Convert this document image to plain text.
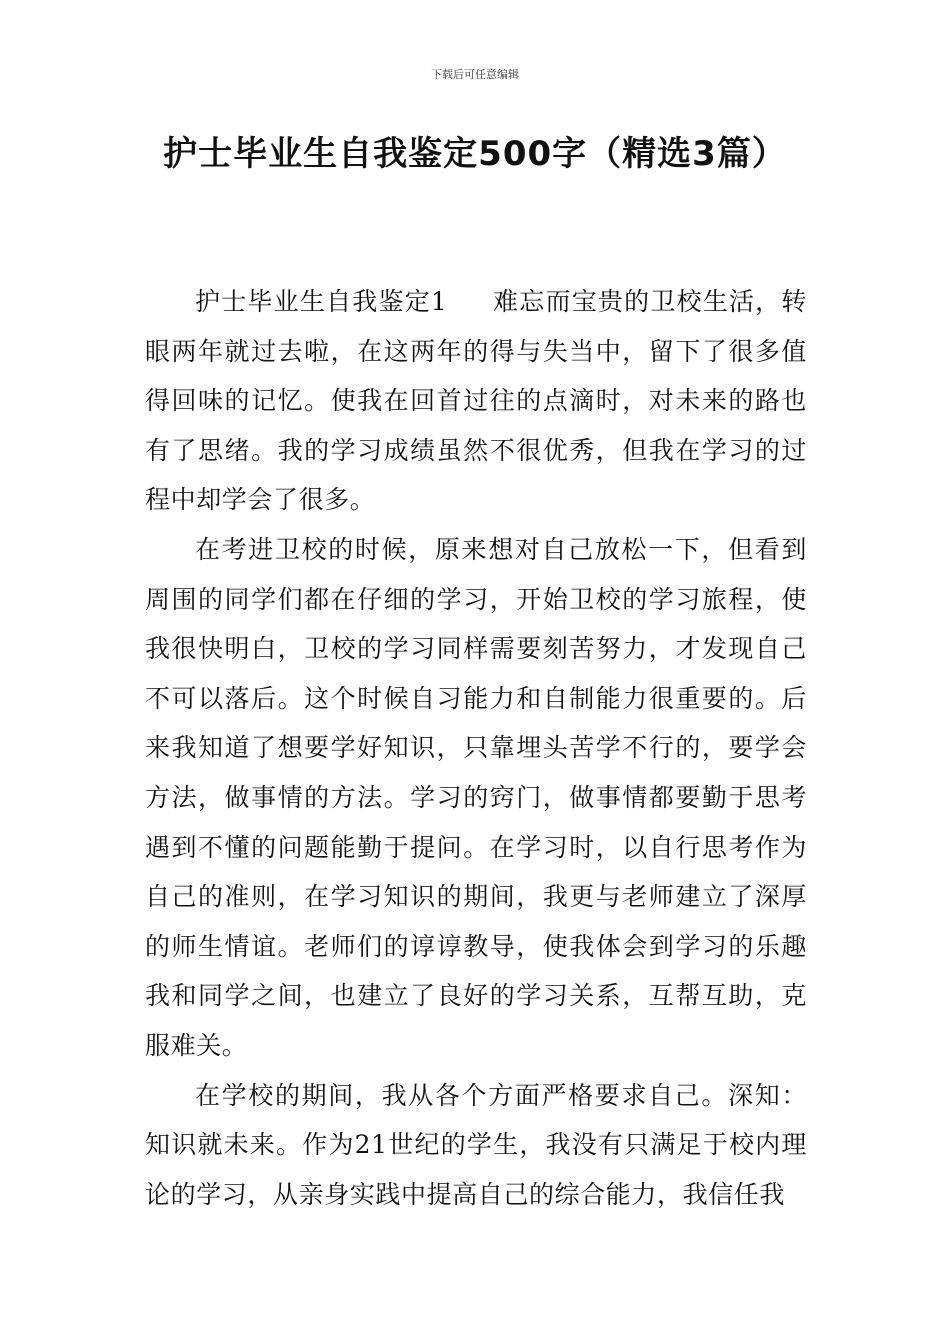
下载后可任意编辑
护士毕业生自我鉴定500字（精选3篇）

护士毕业生自我鉴定1 难忘而宝贵的卫校生活，转眼两年就过去啦，在这两年的得与失当中，留下了很多值得回味的记忆。使我在回首过往的点滴时，对未来的路也有了思绪。我的学习成绩虽然不很优秀，但我在学习的过程中却学会了很多。

在考进卫校的时候，原来想对自己放松一下，但看到周围的同学们都在仔细的学习，开始卫校的学习旅程，使我很快明白，卫校的学习同样需要刻苦努力，才发现自己不可以落后。这个时候自习能力和自制能力很重要的。后来我知道了想要学好知识，只靠埋头苦学不行的，要学会方法，做事情的方法。学习的窍门，做事情都要勤于思考遇到不懂的问题能勤于提问。在学习时，以自行思考作为自己的准则，在学习知识的期间，我更与老师建立了深厚的师生情谊。老师们的谆谆教导，使我体会到学习的乐趣我和同学之间，也建立了良好的学习关系，互帮互助，克服难关。

在学校的期间，我从各个方面严格要求自己。深知：知识就未来。作为21世纪的学生，我没有只满足于校内理论的学习，从亲身实践中提高自己的综合能力，我信任我
